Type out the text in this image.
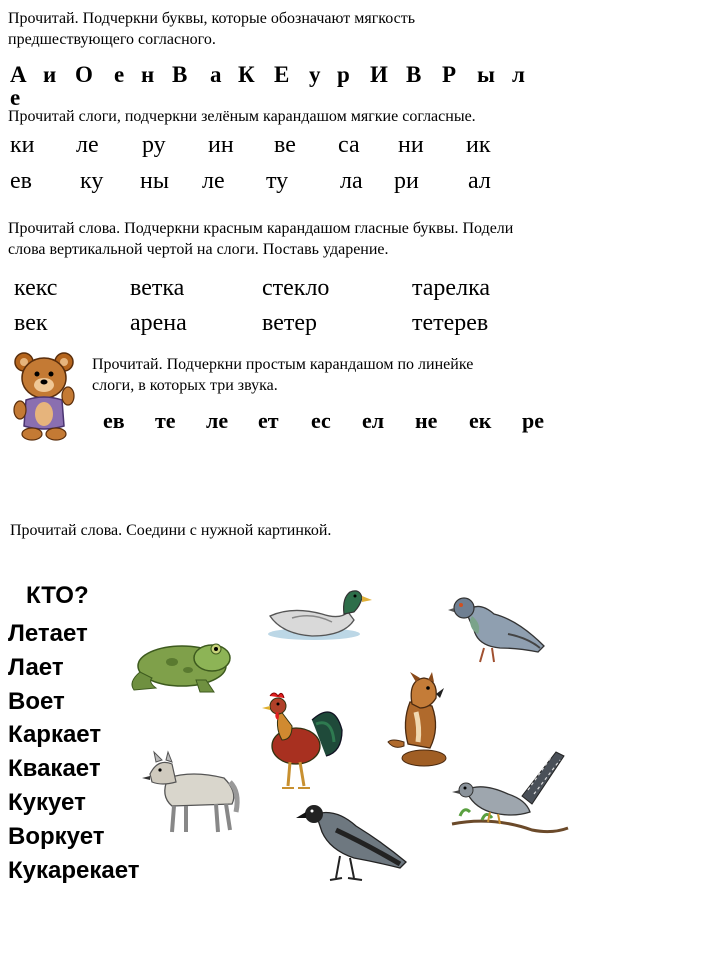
Прочитай. Подчеркни буквы, которые обозначают мягкость
предшествующего согласного.
А и О е н В а К Е у р И В Р ы л
е
Прочитай слоги, подчеркни зелёным карандашом мягкие согласные.
ки ле ру ин ве са ни ик
ев ку ны ле ту ла ри ал
Прочитай слова. Подчеркни красным карандашом гласные буквы. Подели
слова вертикальной чертой на слоги. Поставь ударение.
кекс	ветка	стекло	тарелка
век	арена	ветер	тетерев
Прочитай. Подчеркни простым карандашом по линейке
слоги, в которых три звука.
ев те ле ет ес ел не ек ре
Прочитай слова. Соедини с нужной картинкой.
КТО?
Летает
Лает
Воет
Каркает
Квакает
Кукует
Воркует
Кукарекает
